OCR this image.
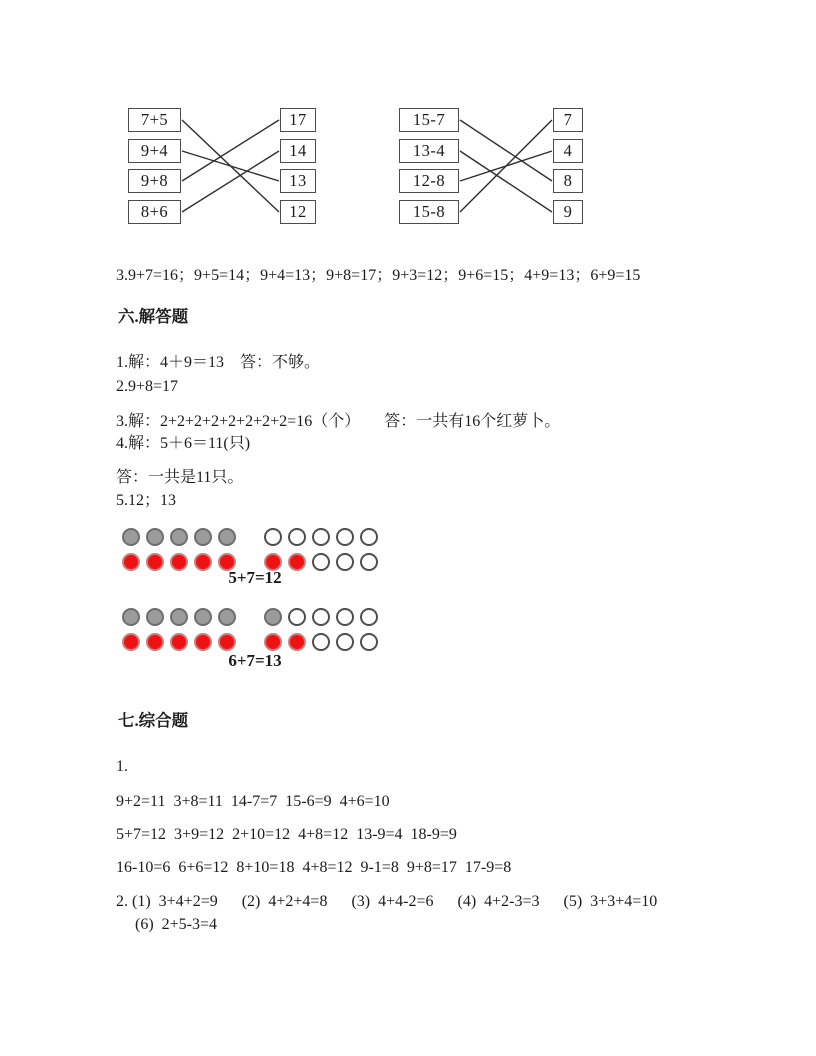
7+5
9+4
9+8
8+6
17
14
13
12
15-7
13-4
12-8
15-8
7
4
8
9
3.9+7=16；9+5=14；9+4=13；9+8=17；9+3=12；9+6=15；4+9=13；6+9=15
六.解答题
1.解：4＋9＝13　答：不够。
2.9+8=17
3.解：2+2+2+2+2+2+2+2=16（个）　　答：一共有16个红萝卜。
4.解：5＋6＝11(只)
答：一共是11只。
5.12；13
5+7=12
6+7=13
七.综合题
1.
9+2=11  3+8=11  14-7=7  15-6=9  4+6=10
5+7=12  3+9=12  2+10=12  4+8=12  13-9=4  18-9=9
16-10=6  6+6=12  8+10=18  4+8=12  9-1=8  9+8=17  17-9=8
2. (1)  3+4+2=9      (2)  4+2+4=8      (3)  4+4-2=6      (4)  4+2-3=3      (5)  3+3+4=10
(6)  2+5-3=4
